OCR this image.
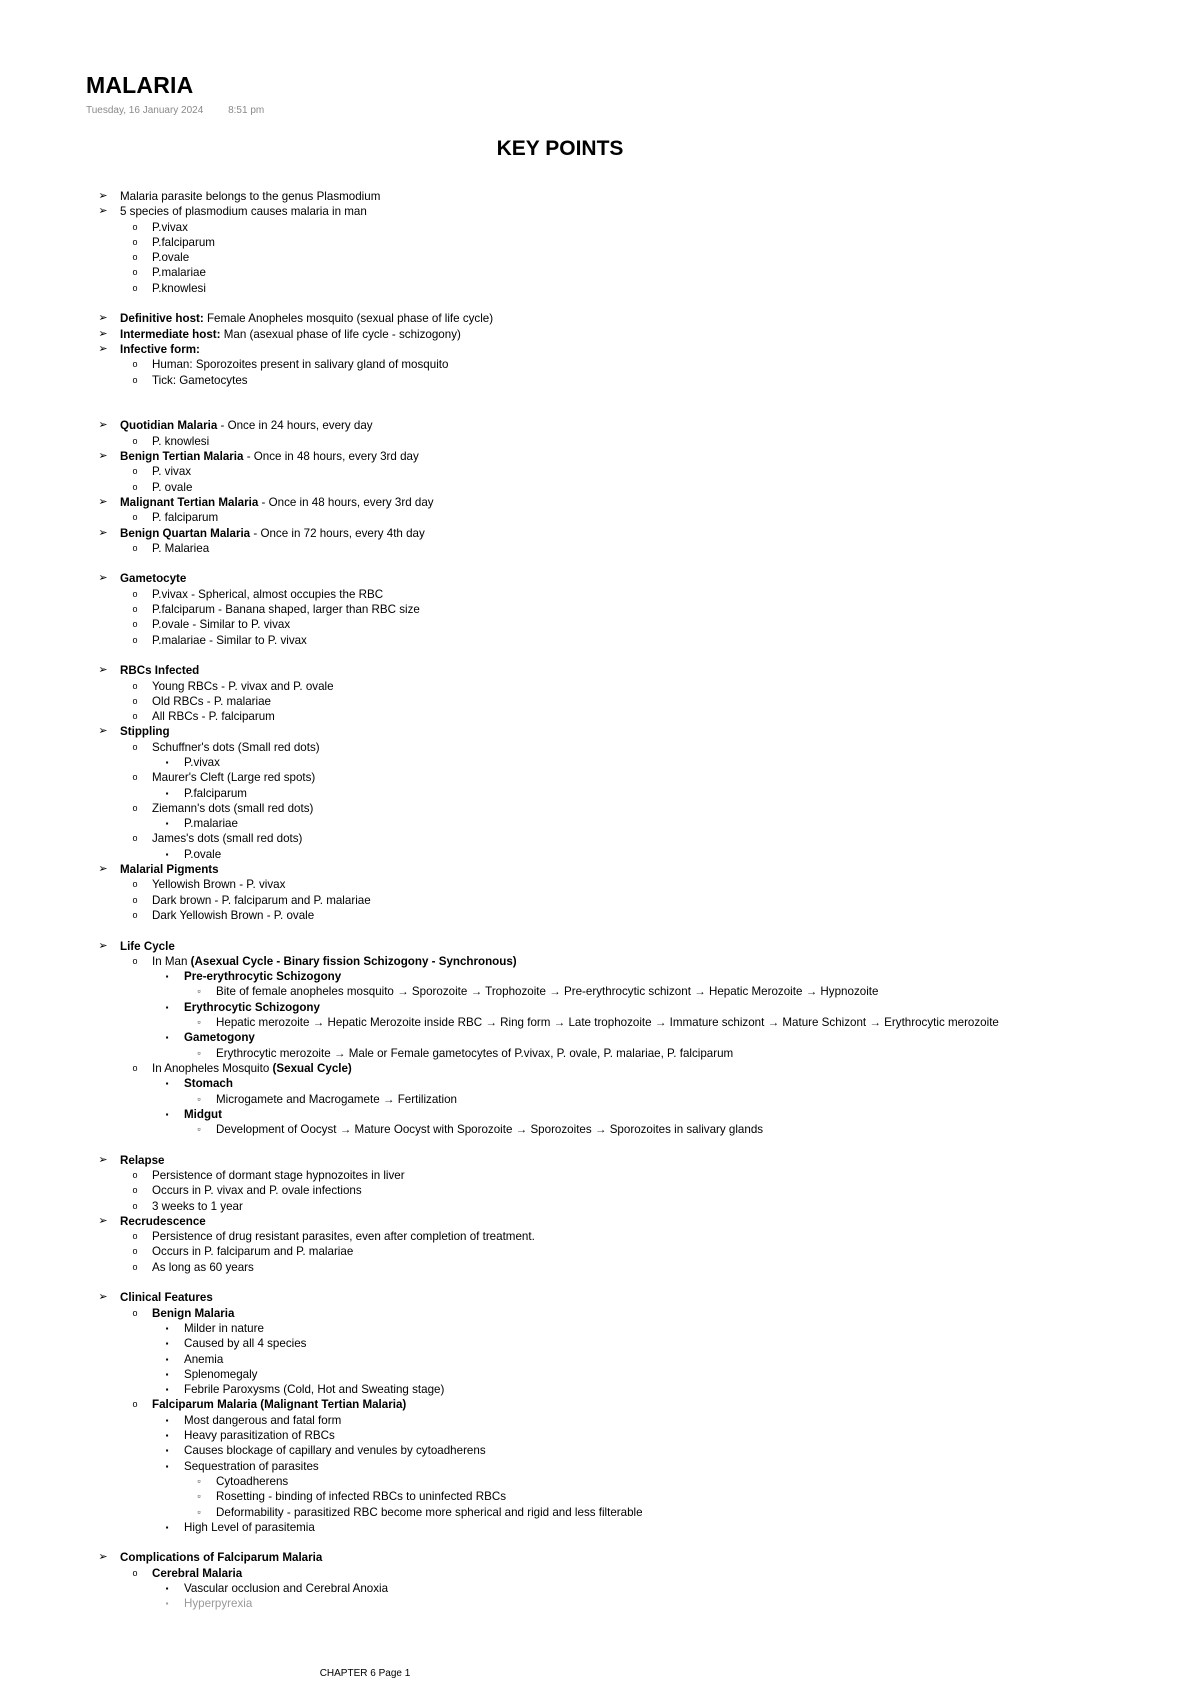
MALARIA
Tuesday, 16 January 2024 8:51 pm
KEY POINTS
➢ Malaria parasite belongs to the genus Plasmodium
➢ 5 species of plasmodium causes malaria in man
o	P.vivax
o	P.falciparum
o	P.ovale
o	P.malariae
o	P.knowlesi
➢ Definitive host: Female Anopheles mosquito (sexual phase of life cycle)
➢ Intermediate host: Man (asexual phase of life cycle - schizogony)
➢ Infective form:
o	Human: Sporozoites present in salivary gland of mosquito
o	Tick: Gametocytes
➢ Quotidian Malaria - Once in 24 hours, every day
o	P. knowlesi
➢ Benign Tertian Malaria - Once in 48 hours, every 3rd day
o	P. vivax
o	P. ovale
➢ Malignant Tertian Malaria - Once in 48 hours, every 3rd day
o	P. falciparum
➢ Benign Quartan Malaria - Once in 72 hours, every 4th day
o	P. Malariea
➢ Gametocyte
o	P.vivax - Spherical, almost occupies the RBC
o	P.falciparum - Banana shaped, larger than RBC size
o	P.ovale - Similar to P. vivax
o	P.malariae - Similar to P. vivax
➢ RBCs Infected
o	Young RBCs - P. vivax and P. ovale
o	Old RBCs - P. malariae
o	All RBCs - P. falciparum
➢ Stippling
o	Schuffner's dots (Small red dots)
▪	P.vivax
o	Maurer's Cleft (Large red spots)
▪	P.falciparum
o	Ziemann's dots (small red dots)
▪	P.malariae
o	James's dots (small red dots)
▪	P.ovale
➢ Malarial Pigments
o	Yellowish Brown - P. vivax
o	Dark brown - P. falciparum and P. malariae
o	Dark Yellowish Brown - P. ovale
➢ Life Cycle
o	In Man (Asexual Cycle - Binary fission Schizogony - Synchronous)
▪	Pre-erythrocytic Schizogony
▫	Bite of female anopheles mosquito → Sporozoite → Trophozoite → Pre-erythrocytic schizont → Hepatic Merozoite → Hypnozoite
▪	Erythrocytic Schizogony
▫	Hepatic merozoite → Hepatic Merozoite inside RBC → Ring form → Late trophozoite → Immature schizont → Mature Schizont → Erythrocytic merozoite
▪	Gametogony
▫	Erythrocytic merozoite → Male or Female gametocytes of P.vivax, P. ovale, P. malariae, P. falciparum
o	In Anopheles Mosquito (Sexual Cycle)
▪	Stomach
▫	Microgamete and Macrogamete → Fertilization
▪	Midgut
▫	Development of Oocyst → Mature Oocyst with Sporozoite → Sporozoites → Sporozoites in salivary glands
➢ Relapse
o	Persistence of dormant stage hypnozoites in liver
o	Occurs in P. vivax and P. ovale infections
o	3 weeks to 1 year
➢ Recrudescence
o	Persistence of drug resistant parasites, even after completion of treatment.
o	Occurs in P. falciparum and P. malariae
o	As long as 60 years
➢ Clinical Features
o	Benign Malaria
▪	Milder in nature
▪	Caused by all 4 species
▪	Anemia
▪	Splenomegaly
▪	Febrile Paroxysms (Cold, Hot and Sweating stage)
o	Falciparum Malaria (Malignant Tertian Malaria)
▪	Most dangerous and fatal form
▪	Heavy parasitization of RBCs
▪	Causes blockage of capillary and venules by cytoadherens
▪	Sequestration of parasites
▫	Cytoadherens
▫	Rosetting - binding of infected RBCs to uninfected RBCs
▫	Deformability - parasitized RBC become more spherical and rigid and less filterable
▪	High Level of parasitemia
➢ Complications of Falciparum Malaria
o	Cerebral Malaria
▪	Vascular occlusion and Cerebral Anoxia
▪	Hyperpyrexia
CHAPTER 6 Page 1
